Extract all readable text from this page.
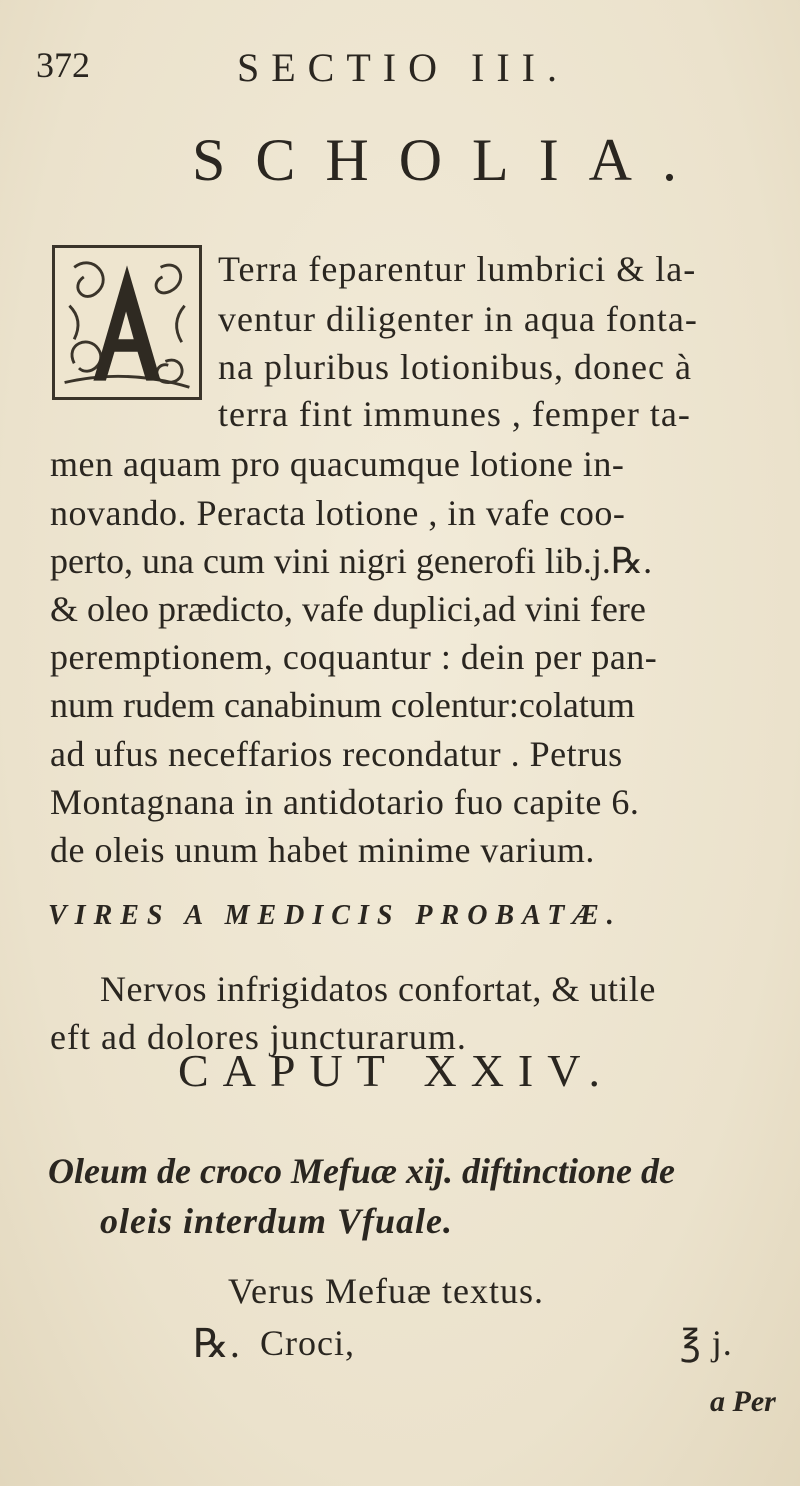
372	SECTIO III.
SCHOLIA.
A
Terra feparentur lumbrici & la-
ventur diligenter in aqua fonta-
na pluribus lotionibus, donec à
terra fint immunes , femper ta-
men aquam pro quacumque lotione in-
novando. Peracta lotione , in vafe coo-
perto, una cum vini nigri generofi lib.j.℞.
& oleo prædicto, vafe duplici,ad vini fere
peremptionem, coquantur : dein per pan-
num rudem canabinum colentur:colatum
ad ufus neceffarios recondatur . Petrus
Montagnana in antidotario fuo capite 6.
de oleis unum habet minime varium.
VIRES A MEDICIS PROBATÆ.
Nervos infrigidatos confortat, & utile
eft ad dolores juncturarum.
CAPUT XXIV.
Oleum de croco Mefuæ xij. diftinctione de
oleis interdum Vfuale.
Verus Mefuæ textus.
℞. Croci,	℥ j.
a Per
